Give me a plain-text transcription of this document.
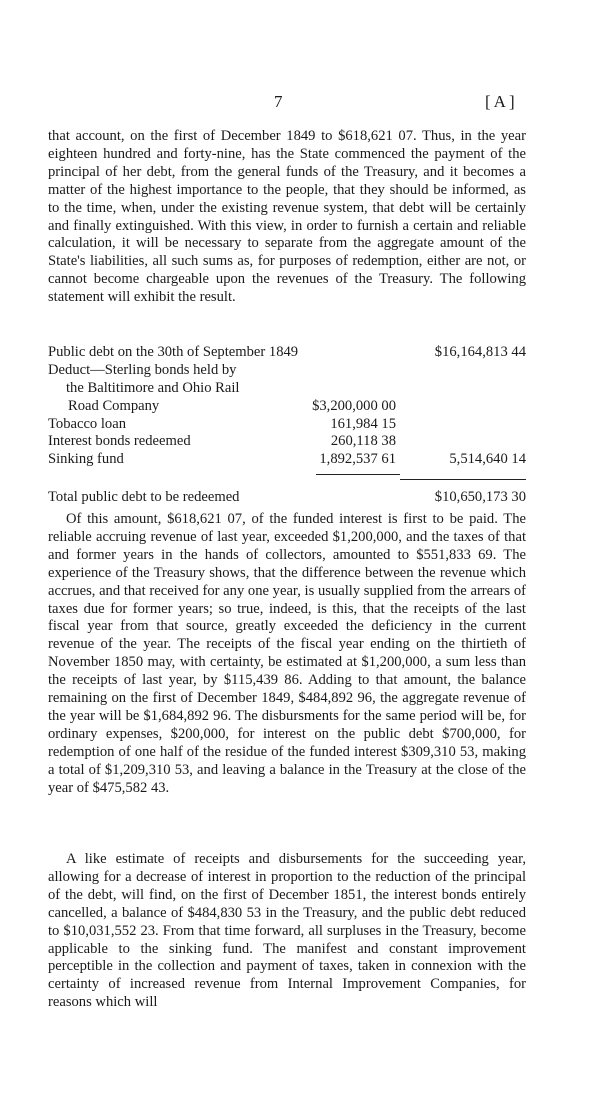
7	[A]

that account, on the first of December 1849 to $618,621 07. Thus, in the year eighteen hundred and forty-nine, has the State commenced the payment of the principal of her debt, from the general funds of the Treasury, and it becomes a matter of the highest importance to the people, that they should be informed, as to the time, when, under the existing revenue system, that debt will be certainly and finally extinguished. With this view, in order to furnish a certain and reliable calculation, it will be necessary to separate from the aggregate amount of the State's liabilities, all such sums as, for purposes of redemption, either are not, or cannot become chargeable upon the revenues of the Treasury. The following statement will exhibit the result.

Public debt on the 30th of September 1849	$16,164,813 44
Deduct—Sterling bonds held by
the Baltitimore and Ohio Rail
Road Company	$3,200,000 00
Tobacco loan	161,984 15
Interest bonds redeemed	260,118 38
Sinking fund	1,892,537 61	5,514,640 14
Total public debt to be redeemed	$10,650,173 30

Of this amount, $618,621 07, of the funded interest is first to be paid. The reliable accruing revenue of last year, exceeded $1,200,000, and the taxes of that and former years in the hands of collectors, amounted to $551,833 69. The experience of the Treasury shows, that the difference between the revenue which accrues, and that received for any one year, is usually supplied from the arrears of taxes due for former years; so true, indeed, is this, that the receipts of the last fiscal year from that source, greatly exceeded the deficiency in the current revenue of the year. The receipts of the fiscal year ending on the thirtieth of November 1850 may, with certainty, be estimated at $1,200,000, a sum less than the receipts of last year, by $115,439 86. Adding to that amount, the balance remaining on the first of December 1849, $484,892 96, the aggregate revenue of the year will be $1,684,892 96. The disbursments for the same period will be, for ordinary expenses, $200,000, for interest on the public debt $700,000, for redemption of one half of the residue of the funded interest $309,310 53, making a total of $1,209,310 53, and leaving a balance in the Treasury at the close of the year of $475,582 43.

A like estimate of receipts and disbursements for the succeeding year, allowing for a decrease of interest in proportion to the reduction of the principal of the debt, will find, on the first of December 1851, the interest bonds entirely cancelled, a balance of $484,830 53 in the Treasury, and the public debt reduced to $10,031,552 23. From that time forward, all surpluses in the Treasury, become applicable to the sinking fund. The manifest and constant improvement perceptible in the collection and payment of taxes, taken in connexion with the certainty of increased revenue from Internal Improvement Companies, for reasons which will
